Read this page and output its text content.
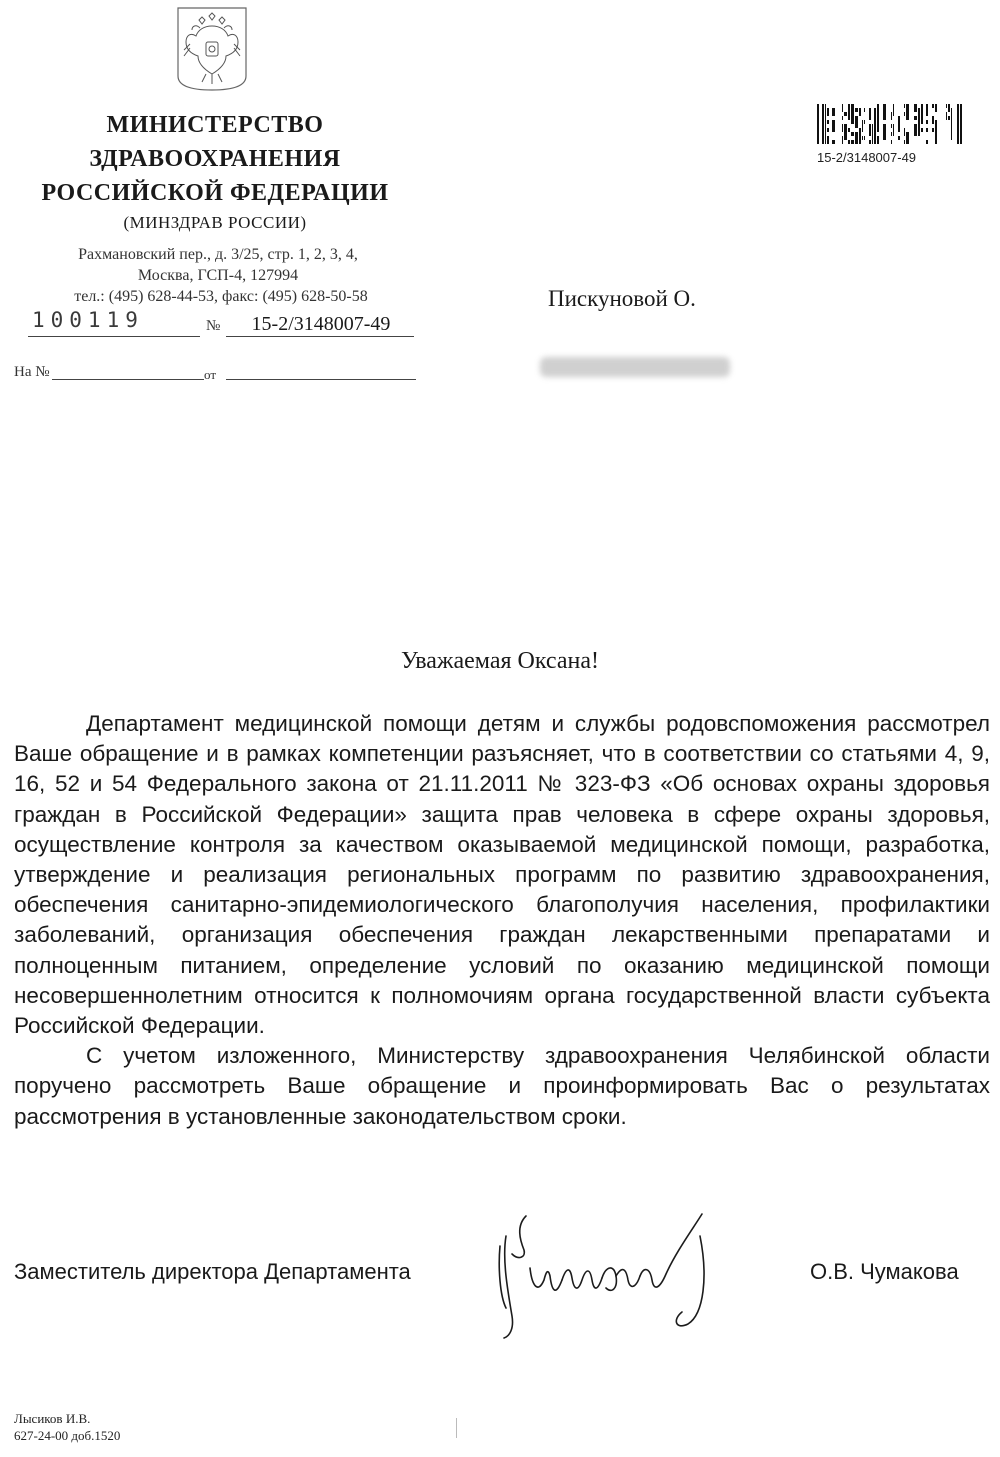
МИНИСТЕРСТВО
ЗДРАВООХРАНЕНИЯ
РОССИЙСКОЙ ФЕДЕРАЦИИ
(МИНЗДРАВ РОССИИ)
Рахмановский пер., д. 3/25, стр. 1, 2, 3, 4,
Москва, ГСП-4, 127994
тел.: (495) 628-44-53, факс: (495) 628-50-58
100119	№	15-2/3148007-49
На №	от
15-2/3148007-49
Пискуновой О.
Уважаемая Оксана!

Департамент медицинской помощи детям и службы родовспоможения рассмотрел Ваше обращение и в рамках компетенции разъясняет, что в соответствии со статьями 4, 9, 16, 52 и 54 Федерального закона от 21.11.2011 № 323-ФЗ «Об основах охраны здоровья граждан в Российской Федерации» защита прав человека в сфере охраны здоровья, осуществление контроля за качеством оказываемой медицинской помощи, разработка, утверждение и реализация региональных программ по развитию здравоохранения, обеспечения санитарно-эпидемиологического благополучия населения, профилактики заболеваний, организация обеспечения граждан лекарственными препаратами и полноценным питанием, определение условий по оказанию медицинской помощи несовершеннолетним относится к полномочиям органа государственной власти субъекта Российской Федерации.

С учетом изложенного, Министерству здравоохранения Челябинской области поручено рассмотреть Ваше обращение и проинформировать Вас о результатах рассмотрения в установленные законодательством сроки.

Заместитель директора Департамента	О.В. Чумакова
Лысиков И.В.
627-24-00 доб.1520
